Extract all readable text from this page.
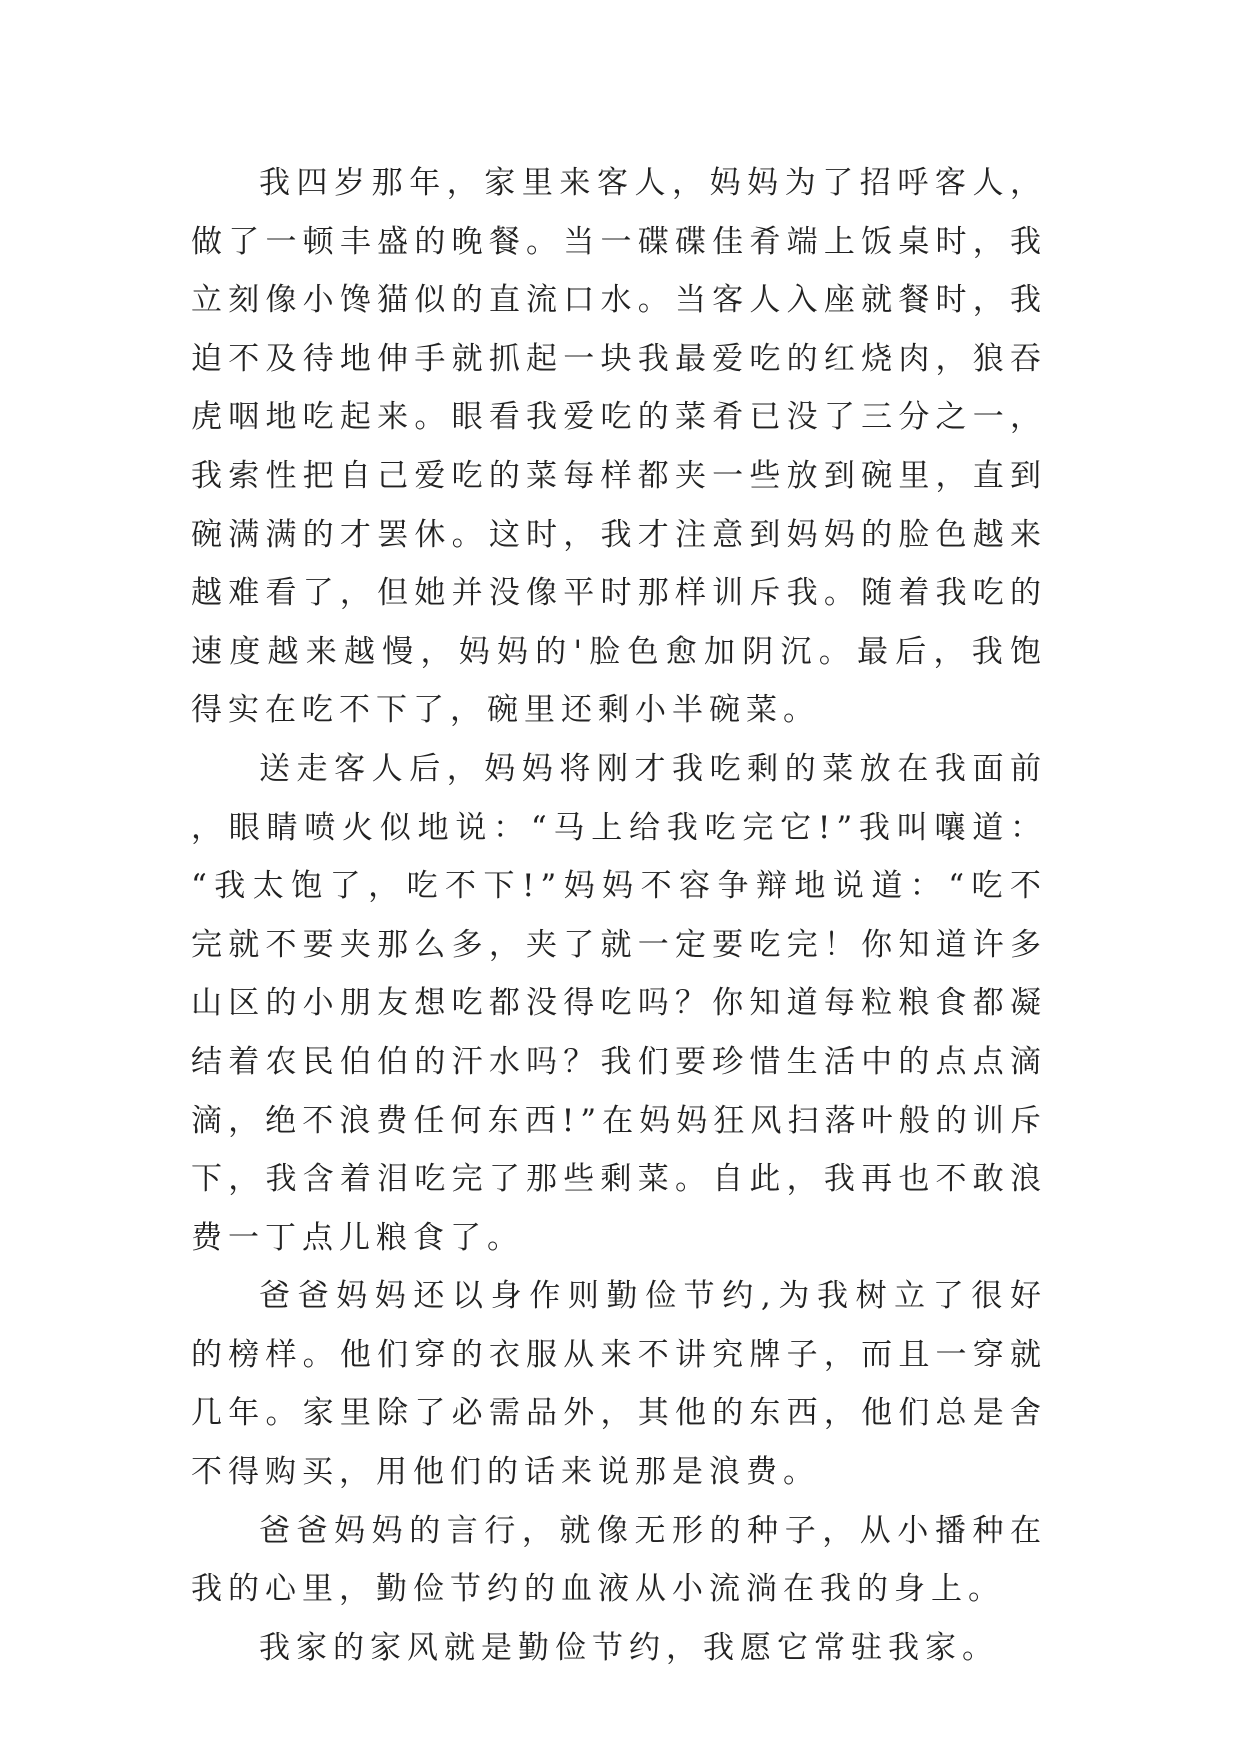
我四岁那年，家里来客人，妈妈为了招呼客人，做了一顿丰盛的晚餐。当一碟碟佳肴端上饭桌时，我立刻像小馋猫似的直流口水。当客人入座就餐时，我迫不及待地伸手就抓起一块我最爱吃的红烧肉，狼吞虎咽地吃起来。眼看我爱吃的菜肴已没了三分之一，我索性把自己爱吃的菜每样都夹一些放到碗里，直到碗满满的才罢休。这时，我才注意到妈妈的脸色越来越难看了，但她并没像平时那样训斥我。随着我吃的速度越来越慢，妈妈的'脸色愈加阴沉。最后，我饱得实在吃不下了，碗里还剩小半碗菜。

送走客人后，妈妈将刚才我吃剩的菜放在我面前，眼睛喷火似地说：“马上给我吃完它!”我叫嚷道：“我太饱了，吃不下!”妈妈不容争辩地说道：“吃不完就不要夹那么多，夹了就一定要吃完！你知道许多山区的小朋友想吃都没得吃吗？你知道每粒粮食都凝结着农民伯伯的汗水吗？我们要珍惜生活中的点点滴滴，绝不浪费任何东西!”在妈妈狂风扫落叶般的训斥下，我含着泪吃完了那些剩菜。自此，我再也不敢浪费一丁点儿粮食了。

爸爸妈妈还以身作则勤俭节约,为我树立了很好的榜样。他们穿的衣服从来不讲究牌子，而且一穿就几年。家里除了必需品外，其他的东西，他们总是舍不得购买，用他们的话来说那是浪费。

爸爸妈妈的言行，就像无形的种子，从小播种在我的心里，勤俭节约的血液从小流淌在我的身上。

我家的家风就是勤俭节约，我愿它常驻我家。
